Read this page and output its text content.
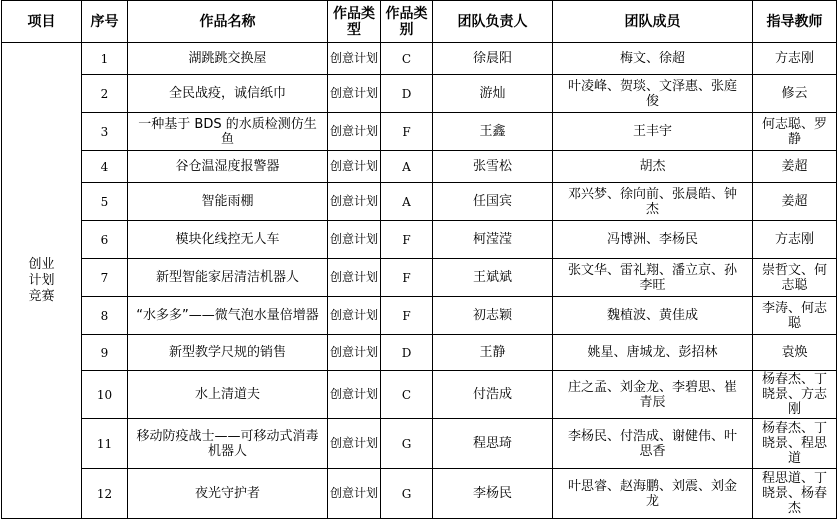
项目	序号	作品名称	作品类型	作品类别	团队负责人	团队成员	指导教师
创业计划竞赛	1	湖跳跳交换屋	创意计划	C	徐晨阳	梅文、徐超	方志刚
	2	全民战疫，诚信纸巾	创意计划	D	游灿	叶凌峰、贺琰、文泽惠、张庭俊	修云
	3	一种基于 BDS 的水质检测仿生鱼	创意计划	F	王鑫	王丰宇	何志聪、罗静
	4	谷仓温湿度报警器	创意计划	A	张雪松	胡杰	姜超
	5	智能雨棚	创意计划	A	任国宾	邓兴梦、徐向前、张晨皓、钟杰	姜超
	6	模块化线控无人车	创意计划	F	柯滢滢	冯博洲、李杨民	方志刚
	7	新型智能家居清洁机器人	创意计划	F	王斌斌	张文华、雷礼翔、潘立京、孙李旺	崇哲文、何志聪
	8	“水多多”——微气泡水量倍增器	创意计划	F	初志颖	魏植波、黄佳成	李涛、何志聪
	9	新型教学尺规的销售	创意计划	D	王静	姚星、唐城龙、彭招林	袁焕
	10	水上清道夫	创意计划	C	付浩成	庄之孟、刘金龙、李碧思、崔青辰	杨春杰、丁晓景、方志刚
	11	移动防疫战士——可移动式消毒机器人	创意计划	G	程思琦	李杨民、付浩成、谢健伟、叶思香	杨春杰、丁晓景、程思道
	12	夜光守护者	创意计划	G	李杨民	叶思睿、赵海鹏、刘震、刘金龙	程思道、丁晓景、杨春杰
